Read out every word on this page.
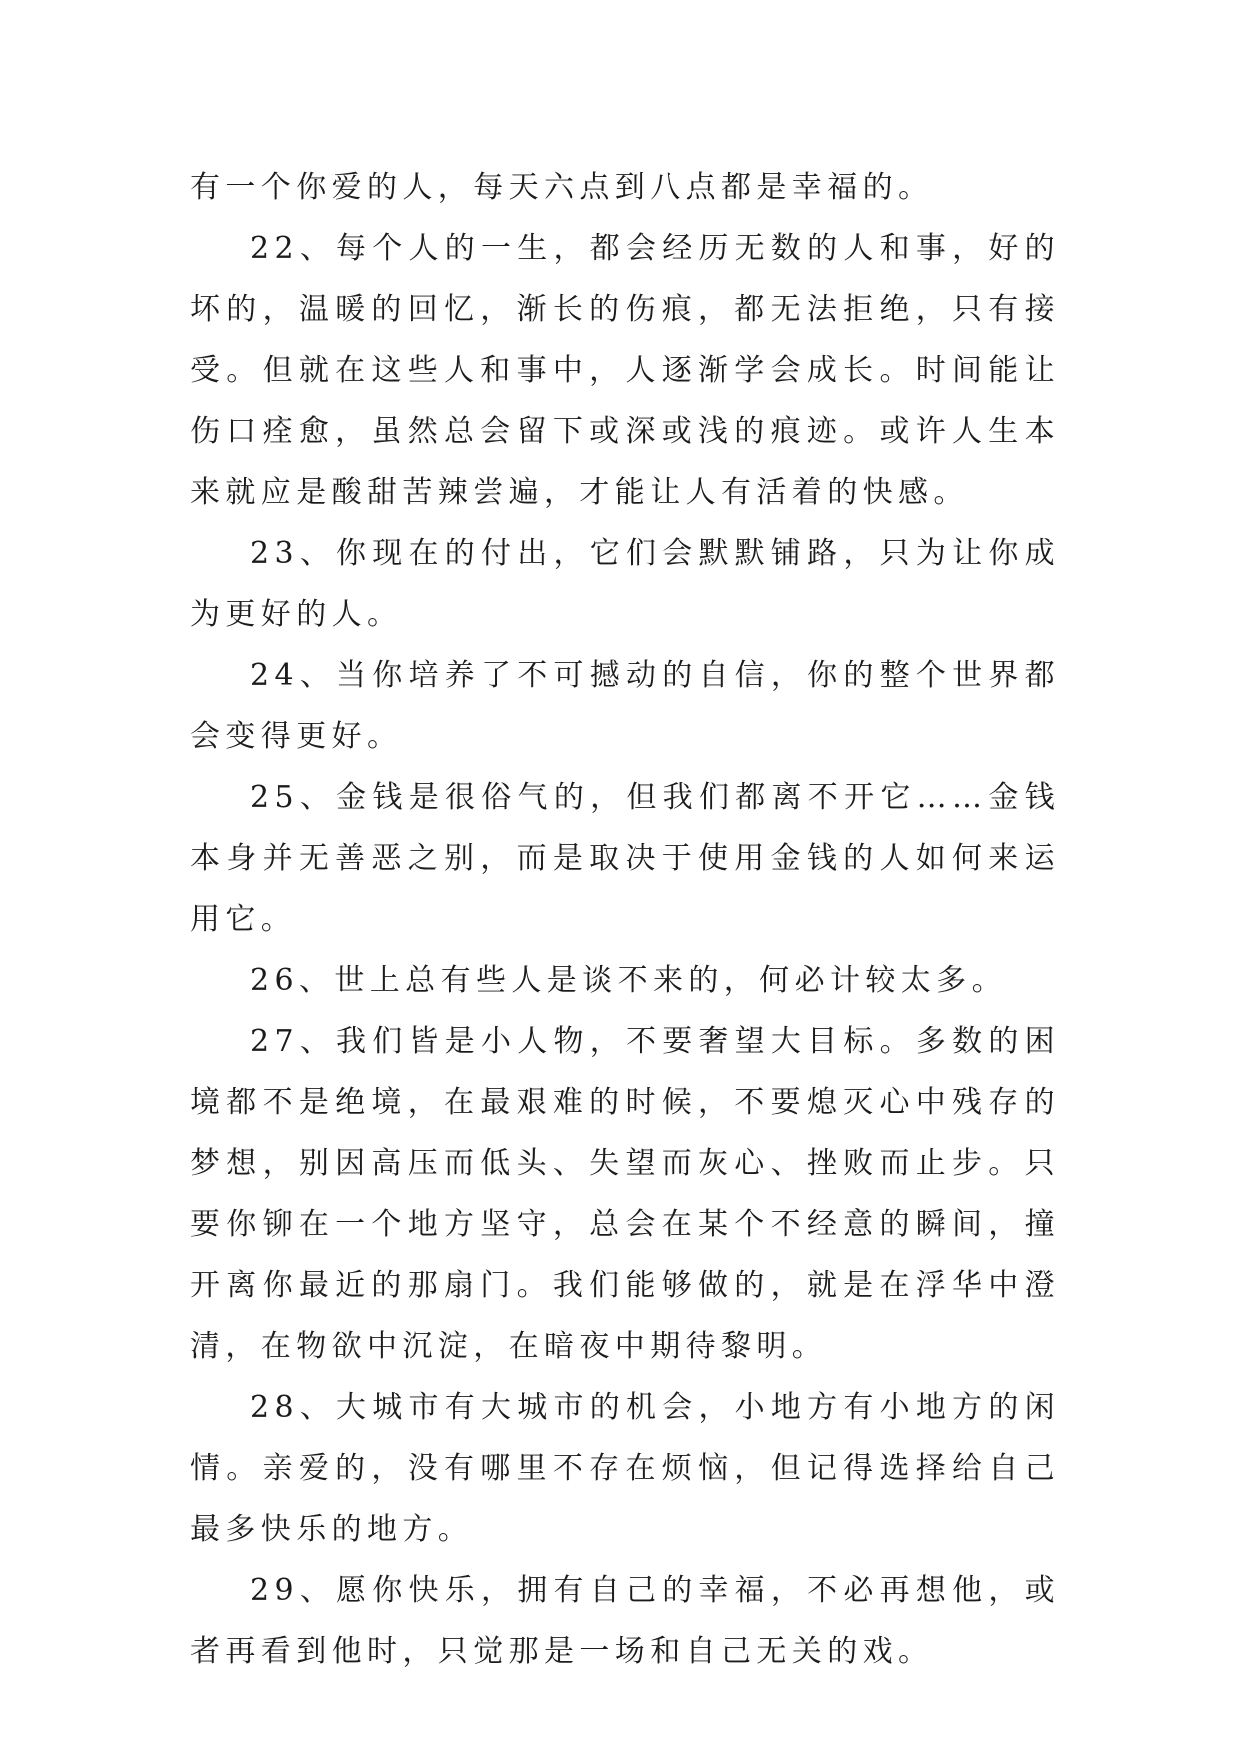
有一个你爱的人，每天六点到八点都是幸福的。

22、每个人的一生，都会经历无数的人和事，好的坏的，温暖的回忆，渐长的伤痕，都无法拒绝，只有接受。但就在这些人和事中，人逐渐学会成长。时间能让伤口痊愈，虽然总会留下或深或浅的痕迹。或许人生本来就应是酸甜苦辣尝遍，才能让人有活着的快感。

23、你现在的付出，它们会默默铺路，只为让你成为更好的人。

24、当你培养了不可撼动的自信，你的整个世界都会变得更好。

25、金钱是很俗气的，但我们都离不开它……金钱本身并无善恶之别，而是取决于使用金钱的人如何来运用它。

26、世上总有些人是谈不来的，何必计较太多。

27、我们皆是小人物，不要奢望大目标。多数的困境都不是绝境，在最艰难的时候，不要熄灭心中残存的梦想，别因高压而低头、失望而灰心、挫败而止步。只要你铆在一个地方坚守，总会在某个不经意的瞬间，撞开离你最近的那扇门。我们能够做的，就是在浮华中澄清，在物欲中沉淀，在暗夜中期待黎明。

28、大城市有大城市的机会，小地方有小地方的闲情。亲爱的，没有哪里不存在烦恼，但记得选择给自己最多快乐的地方。

29、愿你快乐，拥有自己的幸福，不必再想他，或者再看到他时，只觉那是一场和自己无关的戏。
